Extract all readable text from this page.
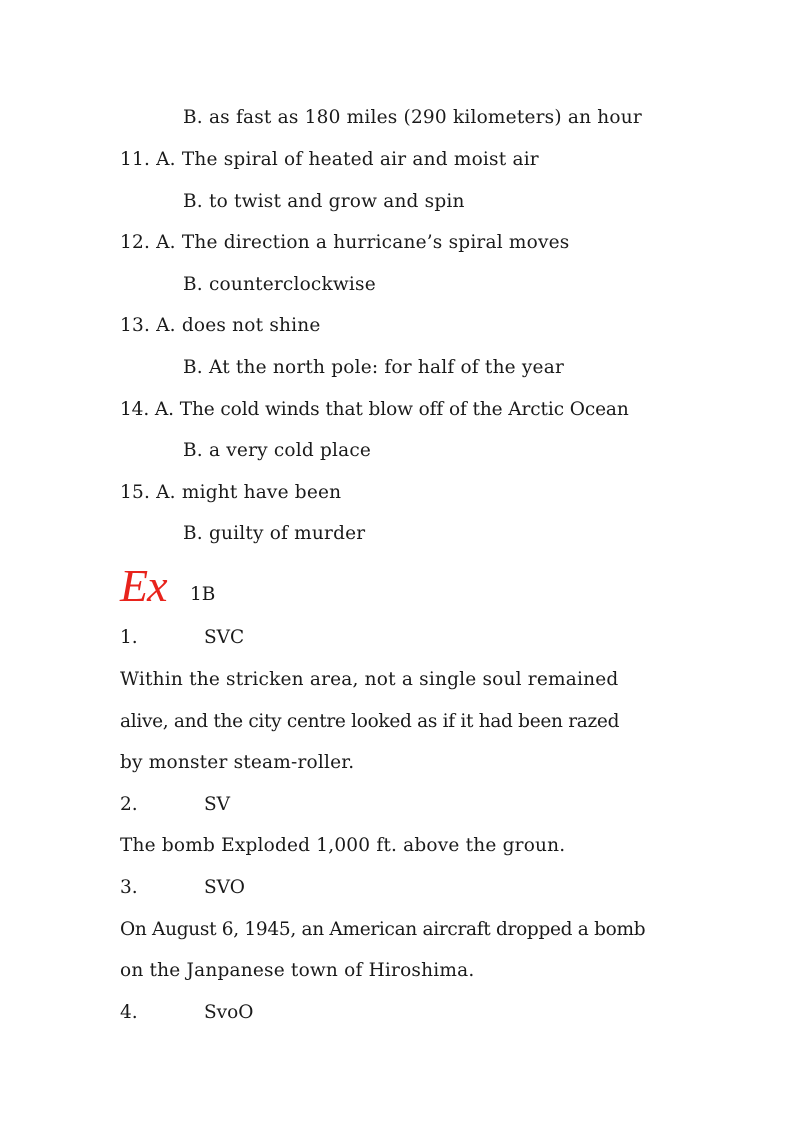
B. as fast as 180 miles (290 kilometers) an hour
11. A. The spiral of heated air and moist air
B. to twist and grow and spin
12. A. The direction a hurricane’s spiral moves
B. counterclockwise
13. A. does not shine
B. At the north pole: for half of the year
14. A. The cold winds that blow off of the Arctic Ocean
B. a very cold place
15. A. might have been
B. guilty of murder
Ex 1B
1.	SVC
Within the stricken area, not a single soul remained
alive, and the city centre looked as if it had been razed
by monster steam-roller.
2.	SV
The bomb Exploded 1,000 ft. above the groun.
3.	SVO
On August 6, 1945, an American aircraft dropped a bomb
on the Janpanese town of Hiroshima.
4.	SvoO
